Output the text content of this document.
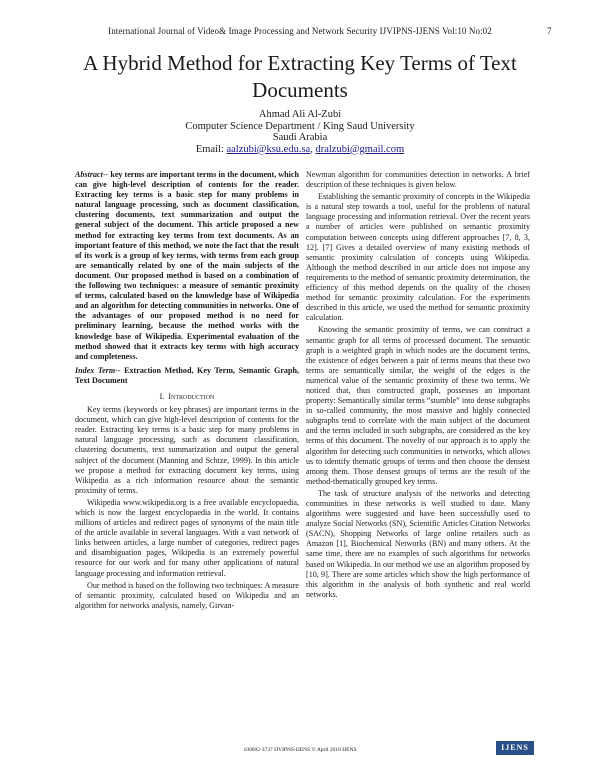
International Journal of Video& Image Processing and Network Security IJVIPNS-IJENS Vol:10 No:02	7
A Hybrid Method for Extracting Key Terms of Text
Documents
Ahmad Ali Al-Zubi
Computer Science Department / King Saud University
Saudi Arabia
Email: aalzubi@ksu.edu.sa, dralzubi@gmail.com

Abstract-- key terms are important terms in the document, which can give high-level description of contents for the reader. Extracting key terms is a basic step for many problems in natural language processing, such as document classification, clustering documents, text summarization and output the general subject of the document. This article proposed a new method for extracting key terms from text documents. As an important feature of this method, we note the fact that the result of its work is a group of key terms, with terms from each group are semantically related by one of the main subjects of the document. Our proposed method is based on a combination of the following two techniques: a measure of semantic proximity of terms, calculated based on the knowledge base of Wikipedia and an algorithm for detecting communities in networks. One of the advantages of our proposed method is no need for preliminary learning, because the method works with the knowledge base of Wikipedia. Experimental evaluation of the method showed that it extracts key terms with high accuracy and completeness.

Index Term-- Extraction Method, Key Term, Semantic Graph, Text Document

I. Introduction

Key terms (keywords or key phrases) are important terms in the document, which can give high-level description of contents for the reader. Extracting key terms is a basic step for many problems in natural language processing, such as document classification, clustering documents, text summarization and output the general subject of the document (Manning and Schtze, 1999). In this article we propose a method for extracting document key terms, using Wikipedia as a rich information resource about the semantic proximity of terms.

Wikipedia www.wikipedia.org is a free available encyclopaedia, which is now the largest encyclopaedia in the world. It contains millions of articles and redirect pages of synonyms of the main title of the article available in several languages. With a vast network of links between articles, a large number of categories, redirect pages and disambiguation pages, Wikipedia is an extremely powerful resource for our work and for many other applications of natural language processing and information retrieval.

Our method is based on the following two techniques: A measure of semantic proximity, calculated based on Wikipedia and an algorithm for networks analysis, namely, Girvan-

Newman algorithm for communities detection in networks. A brief description of these techniques is given below.

Establishing the semantic proximity of concepts in the Wikipedia is a natural step towards a tool, useful for the problems of natural language processing and information retrieval. Over the recent years a number of articles were published on semantic proximity computation between concepts using different approaches [7, 8, 3, 12]. [7] Gives a detailed overview of many existing methods of semantic proximity calculation of concepts using Wikipedia. Although the method described in our article does not impose any requirements to the method of semantic proximity determination, the efficiency of this method depends on the quality of the chosen method for semantic proximity calculation. For the experiments described in this article, we used the method for semantic proximity calculation.

Knowing the semantic proximity of terms, we can construct a semantic graph for all terms of processed document. The semantic graph is a weighted graph in which nodes are the document terms, the existence of edges between a pair of terms means that these two terms are semantically similar, the weight of the edges is the numerical value of the semantic proximity of these two terms. We noticed that, thus constructed graph, possesses an important property: Semantically similar terms “stumble” into dense subgraphs in so-called community, the most massive and highly connected subgraphs tend to correlate with the main subject of the document and the terms included in such subgraphs, are considered as the key terms of this document. The novelty of our approach is to apply the algorithm for detecting such communities in networks, which allows us to identify thematic groups of terms and then choose the densest among them. Those densest groups of terms are the result of the method-thematically grouped key terms.

The task of structure analysis of the networks and detecting communities in these networks is well studied to date. Many algorithms were suggested and have been successfully used to analyze Social Networks (SN), Scientific Articles Citation Networks (SACN), Shopping Networks of large online retailers such as Amazon [1], Biochemical Networks (BN) and many others. At the same time, there are no examples of such algorithms for networks based on Wikipedia. In our method we use an algorithm proposed by [10, 9]. There are some articles which show the high performance of this algorithm in the analysis of both synthetic and real world networks.

100602-3737 IJVIPNS-IJENS © April 2010 IJENS	IJENS
